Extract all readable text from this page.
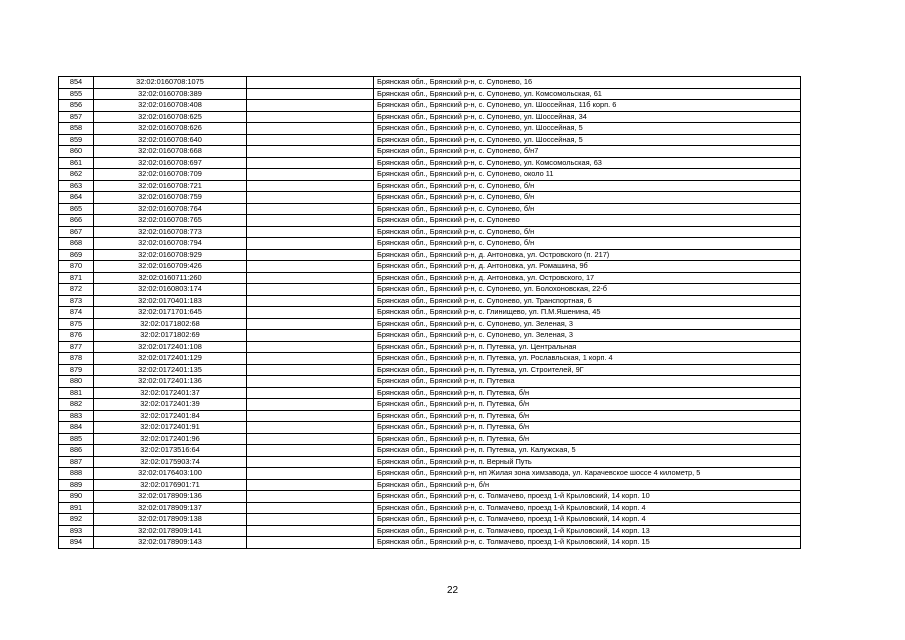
854	32:02:0160708:1075		Брянская обл., Брянский р-н, с. Супонево, 16
855	32:02:0160708:389		Брянская обл., Брянский р-н, с. Супонево, ул. Комсомольская, 61
856	32:02:0160708:408		Брянская обл., Брянский р-н, с. Супонево, ул. Шоссейная, 11б корп. 6
857	32:02:0160708:625		Брянская обл., Брянский р-н, с. Супонево, ул. Шоссейная, 34
858	32:02:0160708:626		Брянская обл., Брянский р-н, с. Супонево, ул. Шоссейная, 5
859	32:02:0160708:640		Брянская обл., Брянский р-н, с. Супонево, ул. Шоссейная, 5
860	32:02:0160708:668		Брянская обл., Брянский р-н, с. Супонево, б/н7
861	32:02:0160708:697		Брянская обл., Брянский р-н, с. Супонево, ул. Комсомольская, 63
862	32:02:0160708:709		Брянская обл., Брянский р-н, с. Супонево, около 11
863	32:02:0160708:721		Брянская обл., Брянский р-н, с. Супонево, б/н
864	32:02:0160708:759		Брянская обл., Брянский р-н, с. Супонево, б/н
865	32:02:0160708:764		Брянская обл., Брянский р-н, с. Супонево, б/н
866	32:02:0160708:765		Брянская обл., Брянский р-н, с. Супонево
867	32:02:0160708:773		Брянская обл., Брянский р-н, с. Супонево, б/н
868	32:02:0160708:794		Брянская обл., Брянский р-н, с. Супонево, б/н
869	32:02:0160708:929		Брянская обл., Брянский р-н, д. Антоновка, ул. Островского (п. 217)
870	32:02:0160709:426		Брянская обл., Брянский р-н, д. Антоновка, ул. Ромашина, 9б
871	32:02:0160711:260		Брянская обл., Брянский р-н, д. Антоновка, ул. Островского, 17
872	32:02:0160803:174		Брянская обл., Брянский р-н, с. Супонево, ул. Болохоновская, 22-б
873	32:02:0170401:183		Брянская обл., Брянский р-н, с. Супонево, ул. Транспортная, 6
874	32:02:0171701:645		Брянская обл., Брянский р-н, с. Глинищево, ул. П.М.Яшенина, 45
875	32:02:0171802:68		Брянская обл., Брянский р-н, с. Супонево, ул. Зеленая, 3
876	32:02:0171802:69		Брянская обл., Брянский р-н, с. Супонево, ул. Зеленая, 3
877	32:02:0172401:108		Брянская обл., Брянский р-н, п. Путевка, ул. Центральная
878	32:02:0172401:129		Брянская обл., Брянский р-н, п. Путевка, ул. Рославльская, 1 корп. 4
879	32:02:0172401:135		Брянская обл., Брянский р-н, п. Путевка, ул. Строителей, 9Г
880	32:02:0172401:136		Брянская обл., Брянский р-н, п. Путевка
881	32:02:0172401:37		Брянская обл., Брянский р-н, п. Путевка, б/н
882	32:02:0172401:39		Брянская обл., Брянский р-н, п. Путевка, б/н
883	32:02:0172401:84		Брянская обл., Брянский р-н, п. Путевка, б/н
884	32:02:0172401:91		Брянская обл., Брянский р-н, п. Путевка, б/н
885	32:02:0172401:96		Брянская обл., Брянский р-н, п. Путевка, б/н
886	32:02:0173516:64		Брянская обл., Брянский р-н, п. Путевка, ул. Калужская, 5
887	32:02:0175903:74		Брянская обл., Брянский р-н, п. Верный Путь
888	32:02:0176403:100		Брянская обл., Брянский р-н, нп Жилая зона химзавода, ул. Карачевское шоссе 4 километр, 5
889	32:02:0176901:71		Брянская обл., Брянский р-н, б/н
890	32:02:0178909:136		Брянская обл., Брянский р-н, с. Толмачево, проезд 1-й Крыловский, 14 корп. 10
891	32:02:0178909:137		Брянская обл., Брянский р-н, с. Толмачево, проезд 1-й Крыловский, 14 корп. 4
892	32:02:0178909:138		Брянская обл., Брянский р-н, с. Толмачево, проезд 1-й Крыловский, 14 корп. 4
893	32:02:0178909:141		Брянская обл., Брянский р-н, с. Толмачево, проезд 1-й Крыловский, 14 корп. 13
894	32:02:0178909:143		Брянская обл., Брянский р-н, с. Толмачево, проезд 1-й Крыловский, 14 корп. 15
22
